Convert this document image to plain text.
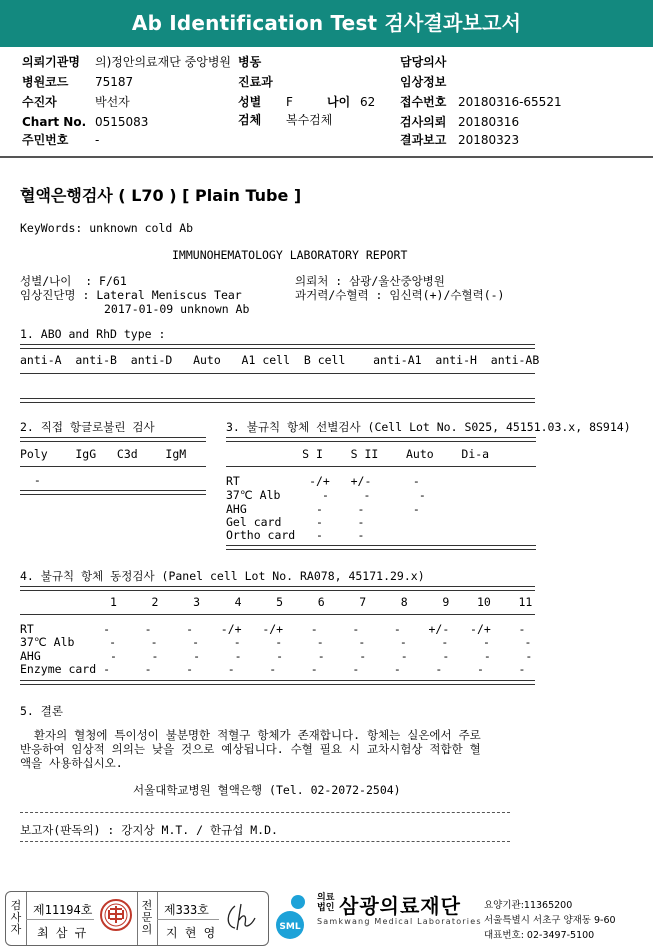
Ab Identification Test 검사결과보고서
의뢰기관명 의)정안의료재단 중앙병원 병동	담당의사
병원코드 75187	진료과	임상정보
수진자	박선자	성별 F	나이 62 접수번호 20180316-65521
Chart No. 0515083	검체 복수검체	검사의뢰 20180316
주민번호 -	결과보고 20180323
혈액은행검사 ( L70 ) [ Plain Tube ]
KeyWords: unknown cold Ab
IMMUNOHEMATOLOGY LABORATORY REPORT
성별/나이  : F/61
임상진단명 : Lateral Meniscus Tear
2017-01-09 unknown Ab
의뢰처 : 삼광/울산중앙병원
과거력/수혈력 : 임신력(+)/수혈력(-)
1. ABO and RhD type :
anti-A  anti-B  anti-D   Auto   A1 cell  B cell    anti-A1  anti-H  anti-AB
2. 직접 항글로불린 검사
Poly    IgG   C3d    IgM
-
3. 불규칙 항체 선별검사 (Cell Lot No. S025, 45151.03.x, 8S914)
S I    S II    Auto    Di-a
RT          -/+   +/-      -
37℃ Alb      -     -       -
AHG          -     -       -
Gel card     -     -
Ortho card   -     -
4. 불규칙 항체 동정검사 (Panel cell Lot No. RA078, 45171.29.x)
1     2     3     4     5     6     7     8     9    10    11
RT          -     -     -    -/+   -/+    -     -     -    +/-   -/+    -
37℃ Alb     -     -     -     -     -     -     -     -     -     -     -
AHG          -     -     -     -     -     -     -     -     -     -     -
Enzyme card -     -     -     -     -     -     -     -     -     -     -
5. 결론
환자의 혈청에 특이성이 불분명한 적혈구 항체가 존재합니다. 항체는 실온에서 주로
반응하여 임상적 의의는 낮을 것으로 예상됩니다. 수혈 필요 시 교차시험상 적합한 혈
액을 사용하십시오.
서울대학교병원 혈액은행 (Tel. 02-2072-2504)
보고자(판독의) : 강지상 M.T. / 한규섭 M.D.
검
사
자
제11194호
최 삼 규
전
문
의
제333호
지 현 영	SML
의료
법인 삼광의료재단
Samkwang Medical Laboratories
요양기관:11365200
서울특별시 서초구 양재동 9-60
대표번호: 02-3497-5100
